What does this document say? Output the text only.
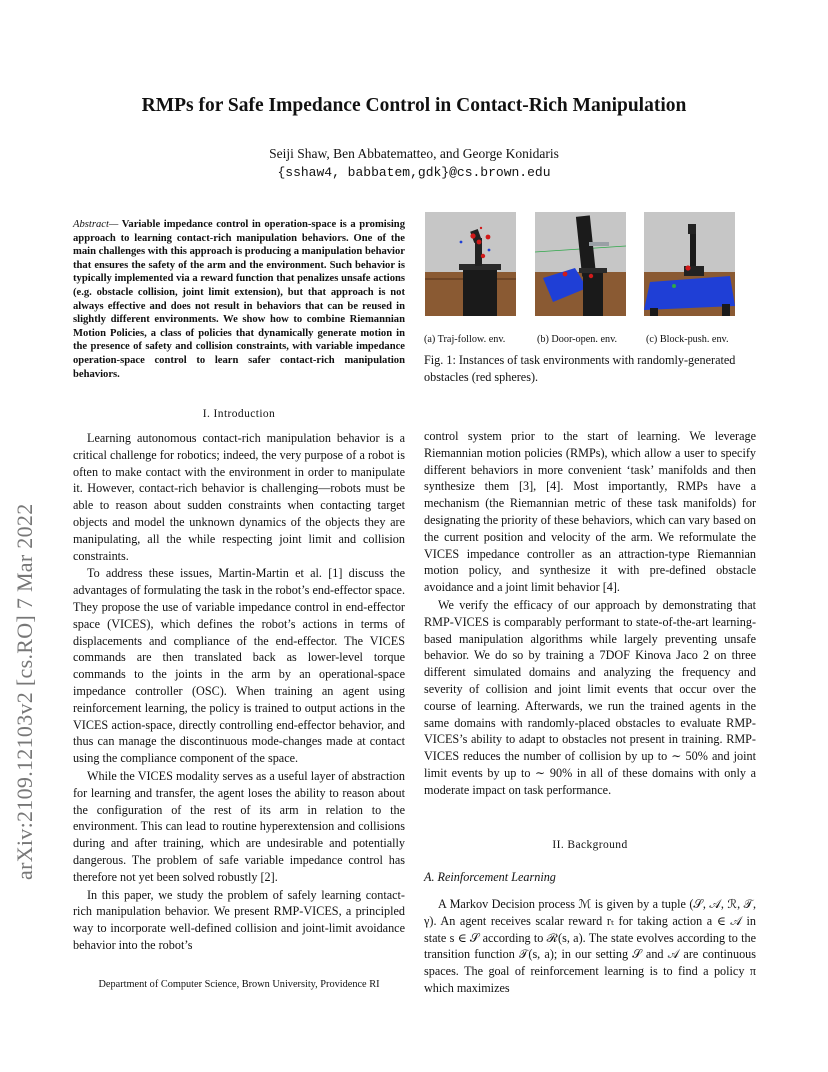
RMPs for Safe Impedance Control in Contact-Rich Manipulation
Seiji Shaw, Ben Abbatematteo, and George Konidaris
{sshaw4, babbatem,gdk}@cs.brown.edu
arXiv:2109.12103v2 [cs.RO] 7 Mar 2022
Abstract— Variable impedance control in operation-space is a promising approach to learning contact-rich manipulation behaviors. One of the main challenges with this approach is producing a manipulation behavior that ensures the safety of the arm and the environment. Such behavior is typically implemented via a reward function that penalizes unsafe actions (e.g. obstacle collision, joint limit extension), but that approach is not always effective and does not result in behaviors that can be reused in slightly different environments. We show how to combine Riemannian Motion Policies, a class of policies that dynamically generate motion in the presence of safety and collision constraints, with variable impedance operation-space control to learn safer contact-rich manipulation behaviors.
I. Introduction

Learning autonomous contact-rich manipulation behavior is a critical challenge for robotics; indeed, the very purpose of a robot is often to make contact with the environment in order to manipulate it. However, contact-rich behavior is challenging—robots must be able to reason about sudden constraints when contacting target objects and model the unknown dynamics of the objects they are manipulating, all the while respecting joint limit and collision constraints.

To address these issues, Martin-Martin et al. [1] discuss the advantages of formulating the task in the robot’s end-effector space. They propose the use of variable impedance control in end-effector space (VICES), which defines the robot’s actions in terms of displacements and compliance of the end-effector. The VICES commands are then translated back as lower-level torque commands to the joints in the arm by an operational-space impedance controller (OSC). When training an agent using reinforcement learning, the policy is trained to output actions in the VICES action-space, directly controlling end-effector behavior, and thus can manage the discontinuous mode-changes made at contact using the compliance component of the space.

While the VICES modality serves as a useful layer of abstraction for learning and transfer, the agent loses the ability to reason about the configuration of the rest of its arm in relation to the environment. This can lead to routine hyperextension and collisions during and after training, which are undesirable and potentially dangerous. The problem of safe variable impedance control has therefore not yet been solved robustly [2].

In this paper, we study the problem of safely learning contact-rich manipulation behavior. We present RMP-VICES, a principled way to incorporate well-defined collision and joint-limit avoidance behavior into the robot’s

Department of Computer Science, Brown University, Providence RI
(a) Traj-follow. env.	(b) Door-open. env.	(c) Block-push. env.
Fig. 1: Instances of task environments with randomly-generated obstacles (red spheres).

control system prior to the start of learning. We leverage Riemannian motion policies (RMPs), which allow a user to specify different behaviors in more convenient ‘task’ manifolds and then synthesize them [3], [4]. Most importantly, RMPs have a mechanism (the Riemannian metric of these task manifolds) for designating the priority of these behaviors, which can vary based on the current position and velocity of the arm. We reformulate the VICES impedance controller as an attraction-type Riemannian motion policy, and synthesize it with pre-defined obstacle avoidance and a joint limit behavior [4].

We verify the efficacy of our approach by demonstrating that RMP-VICES is comparably performant to state-of-the-art learning-based manipulation algorithms while largely preventing unsafe behavior. We do so by training a 7DOF Kinova Jaco 2 on three different simulated domains and analyzing the frequency and severity of collision and joint limit events that occur over the course of learning. Afterwards, we run the trained agents in the same domains with randomly-placed obstacles to evaluate RMP-VICES’s ability to adapt to obstacles not present in training. RMP-VICES reduces the number of collision by up to ∼ 50% and joint limit events by up to ∼ 90% in all of these domains with only a moderate impact on task performance.

II. Background
A. Reinforcement Learning

A Markov Decision process ℳ is given by a tuple (𝒮, 𝒜, ℛ, 𝒯, γ). An agent receives scalar reward rₜ for taking action a ∈ 𝒜 in state s ∈ 𝒮 according to ℛ(s, a). The state evolves according to the transition function 𝒯(s, a); in our setting 𝒮 and 𝒜 are continuous spaces. The goal of reinforcement learning is to find a policy π which maximizes
